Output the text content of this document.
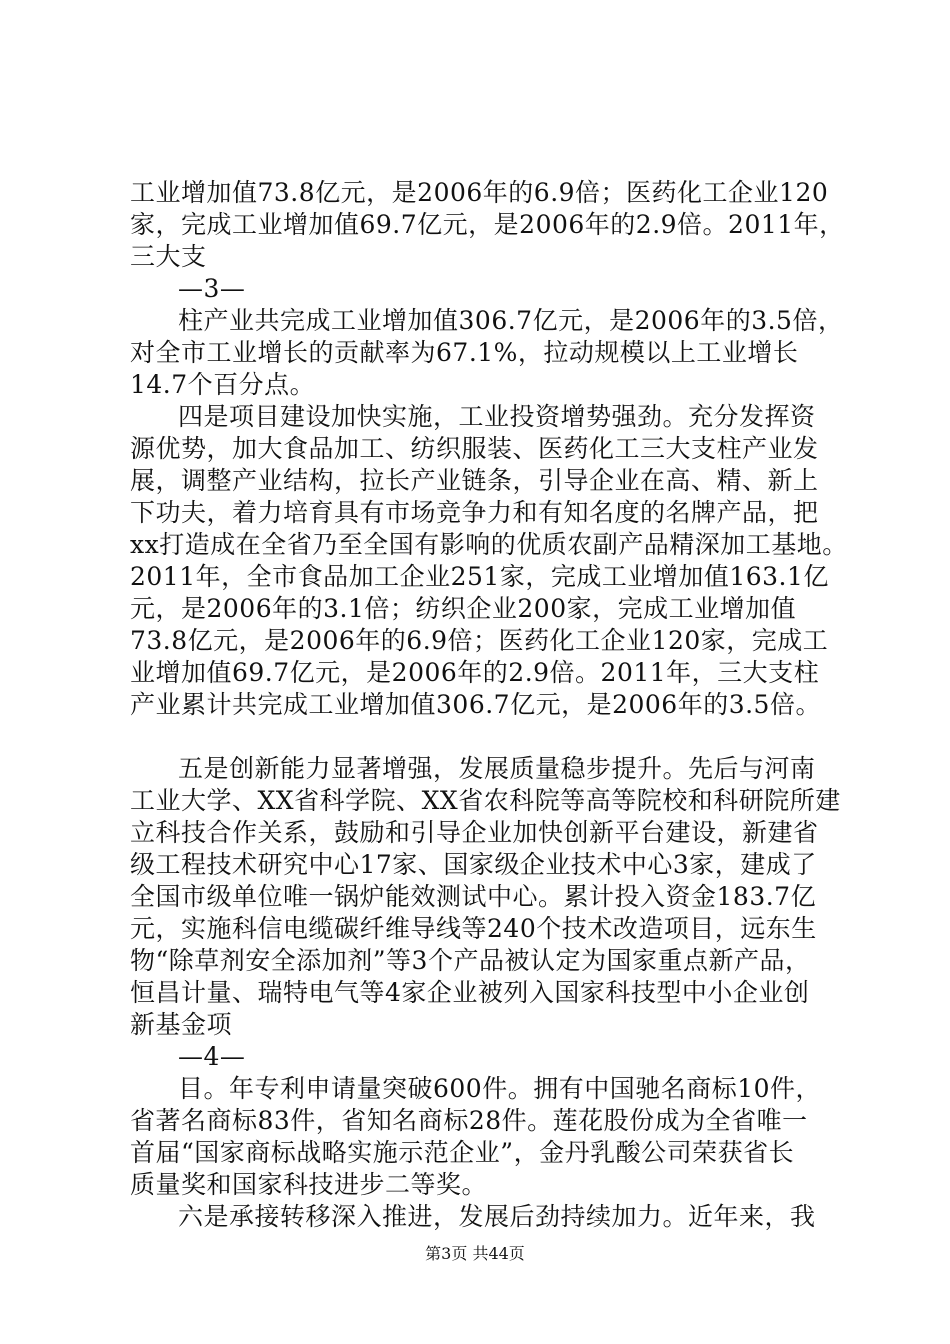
工业增加值73.8亿元，是2006年的6.9倍；医药化工企业120
家，完成工业增加值69.7亿元，是2006年的2.9倍。2011年，
三大支
—3—
柱产业共完成工业增加值306.7亿元，是2006年的3.5倍，
对全市工业增长的贡献率为67.1%，拉动规模以上工业增长
14.7个百分点。
四是项目建设加快实施，工业投资增势强劲。充分发挥资
源优势，加大食品加工、纺织服装、医药化工三大支柱产业发
展，调整产业结构，拉长产业链条，引导企业在高、精、新上
下功夫，着力培育具有市场竞争力和有知名度的名牌产品，把
xx打造成在全省乃至全国有影响的优质农副产品精深加工基地。
2011年，全市食品加工企业251家，完成工业增加值163.1亿
元，是2006年的3.1倍；纺织企业200家，完成工业增加值
73.8亿元，是2006年的6.9倍；医药化工企业120家，完成工
业增加值69.7亿元，是2006年的2.9倍。2011年，三大支柱
产业累计共完成工业增加值306.7亿元，是2006年的3.5倍。
五是创新能力显著增强，发展质量稳步提升。先后与河南
工业大学、XX省科学院、XX省农科院等高等院校和科研院所建
立科技合作关系，鼓励和引导企业加快创新平台建设，新建省
级工程技术研究中心17家、国家级企业技术中心3家，建成了
全国市级单位唯一锅炉能效测试中心。累计投入资金183.7亿
元，实施科信电缆碳纤维导线等240个技术改造项目，远东生
物“除草剂安全添加剂”等3个产品被认定为国家重点新产品，
恒昌计量、瑞特电气等4家企业被列入国家科技型中小企业创
新基金项
—4—
目。年专利申请量突破600件。拥有中国驰名商标10件，
省著名商标83件，省知名商标28件。莲花股份成为全省唯一
首届“国家商标战略实施示范企业”，金丹乳酸公司荣获省长
质量奖和国家科技进步二等奖。
六是承接转移深入推进，发展后劲持续加力。近年来，我
第3页 共44页
